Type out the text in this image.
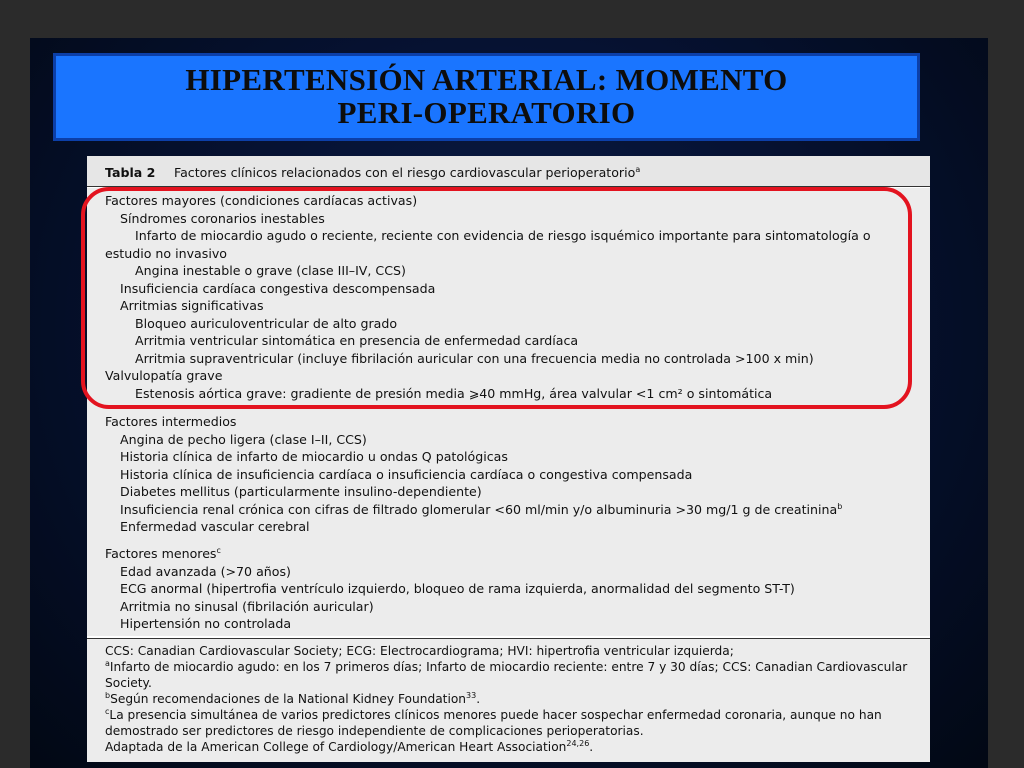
HIPERTENSIÓN ARTERIAL: MOMENTO
PERI-OPERATORIO
Tabla 2 Factores clínicos relacionados con el riesgo cardiovascular perioperatorio$^a$
Factores mayores (condiciones cardíacas activas)
Síndromes coronarios inestables
Infarto de miocardio agudo o reciente, reciente con evidencia de riesgo isquémico importante para sintomatología o
estudio no invasivo
Angina inestable o grave (clase III–IV, CCS)
Insuficiencia cardíaca congestiva descompensada
Arritmias significativas
Bloqueo auriculoventricular de alto grado
Arritmia ventricular sintomática en presencia de enfermedad cardíaca
Arritmia supraventricular (incluye fibrilación auricular con una frecuencia media no controlada >100 x min)
Valvulopatía grave
Estenosis aórtica grave: gradiente de presión media ⩾40 mmHg, área valvular <1 cm² o sintomática
Factores intermedios
Angina de pecho ligera (clase I–II, CCS)
Historia clínica de infarto de miocardio u ondas Q patológicas
Historia clínica de insuficiencia cardíaca o insuficiencia cardíaca o congestiva compensada
Diabetes mellitus (particularmente insulino-dependiente)
Insuficiencia renal crónica con cifras de filtrado glomerular <60 ml/min y/o albuminuria >30 mg/1 g de creatinina$^b$
Enfermedad vascular cerebral
Factores menores$^c$
Edad avanzada (>70 años)
ECG anormal (hipertrofia ventrículo izquierdo, bloqueo de rama izquierda, anormalidad del segmento ST-T)
Arritmia no sinusal (fibrilación auricular)
Hipertensión no controlada
CCS: Canadian Cardiovascular Society; ECG: Electrocardiograma; HVI: hipertrofia ventricular izquierda;
$^a$Infarto de miocardio agudo: en los 7 primeros días; Infarto de miocardio reciente: entre 7 y 30 días; CCS: Canadian Cardiovascular
Society.
$^b$Según recomendaciones de la National Kidney Foundation$^{33}$.
$^c$La presencia simultánea de varios predictores clínicos menores puede hacer sospechar enfermedad coronaria, aunque no han
demostrado ser predictores de riesgo independiente de complicaciones perioperatorias.
Adaptada de la American College of Cardiology/American Heart Association$^{24,26}$.
